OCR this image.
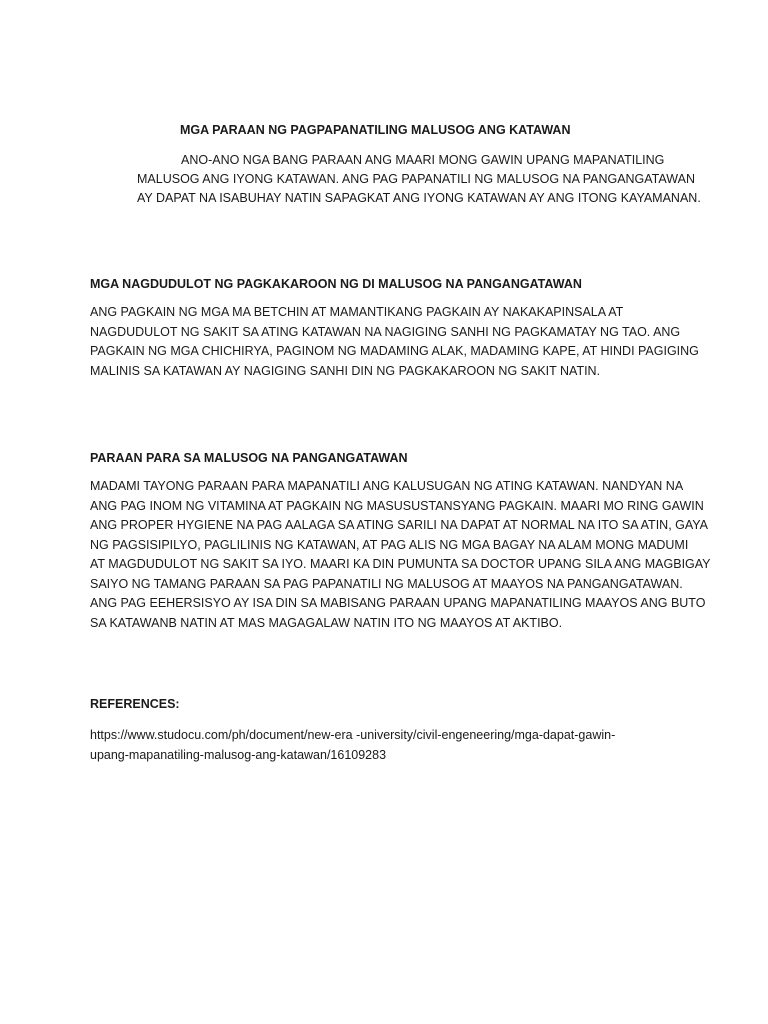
MGA PARAAN NG PAGPAPANATILING MALUSOG ANG KATAWAN
ANO-ANO NGA BANG PARAAN ANG MAARI MONG GAWIN UPANG MAPANATILING
MALUSOG ANG IYONG KATAWAN. ANG PAG PAPANATILI NG MALUSOG NA PANGANGATAWAN
AY DAPAT NA ISABUHAY NATIN SAPAGKAT ANG IYONG KATAWAN AY ANG ITONG KAYAMANAN.
MGA NAGDUDULOT NG PAGKAKAROON NG DI MALUSOG NA PANGANGATAWAN
ANG PAGKAIN NG MGA MA BETCHIN AT MAMANTIKANG PAGKAIN AY NAKAKAPINSALA AT
NAGDUDULOT NG SAKIT SA ATING KATAWAN NA NAGIGING SANHI NG PAGKAMATAY NG TAO. ANG
PAGKAIN NG MGA CHICHIRYA, PAGINOM NG MADAMING ALAK, MADAMING KAPE, AT HINDI PAGIGING
MALINIS SA KATAWAN AY NAGIGING SANHI DIN NG PAGKAKAROON NG SAKIT NATIN.
PARAAN PARA SA MALUSOG NA PANGANGATAWAN
MADAMI TAYONG PARAAN PARA MAPANATILI ANG KALUSUGAN NG ATING KATAWAN. NANDYAN NA
ANG PAG INOM NG VITAMINA AT PAGKAIN NG MASUSUSTANSYANG PAGKAIN. MAARI MO RING GAWIN
ANG PROPER HYGIENE NA PAG AALAGA SA ATING SARILI NA DAPAT AT NORMAL NA ITO SA ATIN, GAYA
NG PAGSISIPILYO, PAGLILINIS NG KATAWAN, AT PAG ALIS NG MGA BAGAY NA ALAM MONG MADUMI
AT MAGDUDULOT NG SAKIT SA IYO. MAARI KA DIN PUMUNTA SA DOCTOR UPANG SILA ANG MAGBIGAY
SAIYO NG TAMANG PARAAN SA PAG PAPANATILI NG MALUSOG AT MAAYOS NA PANGANGATAWAN.
ANG PAG EEHERSISYO AY ISA DIN SA MABISANG PARAAN UPANG MAPANATILING MAAYOS ANG BUTO
SA KATAWANB NATIN AT MAS MAGAGALAW NATIN ITO NG MAAYOS AT AKTIBO.
REFERENCES:
https://www.studocu.com/ph/document/new-era -university/civil-engeneering/mga-dapat-gawin-
upang-mapanatiling-malusog-ang-katawan/16109283
